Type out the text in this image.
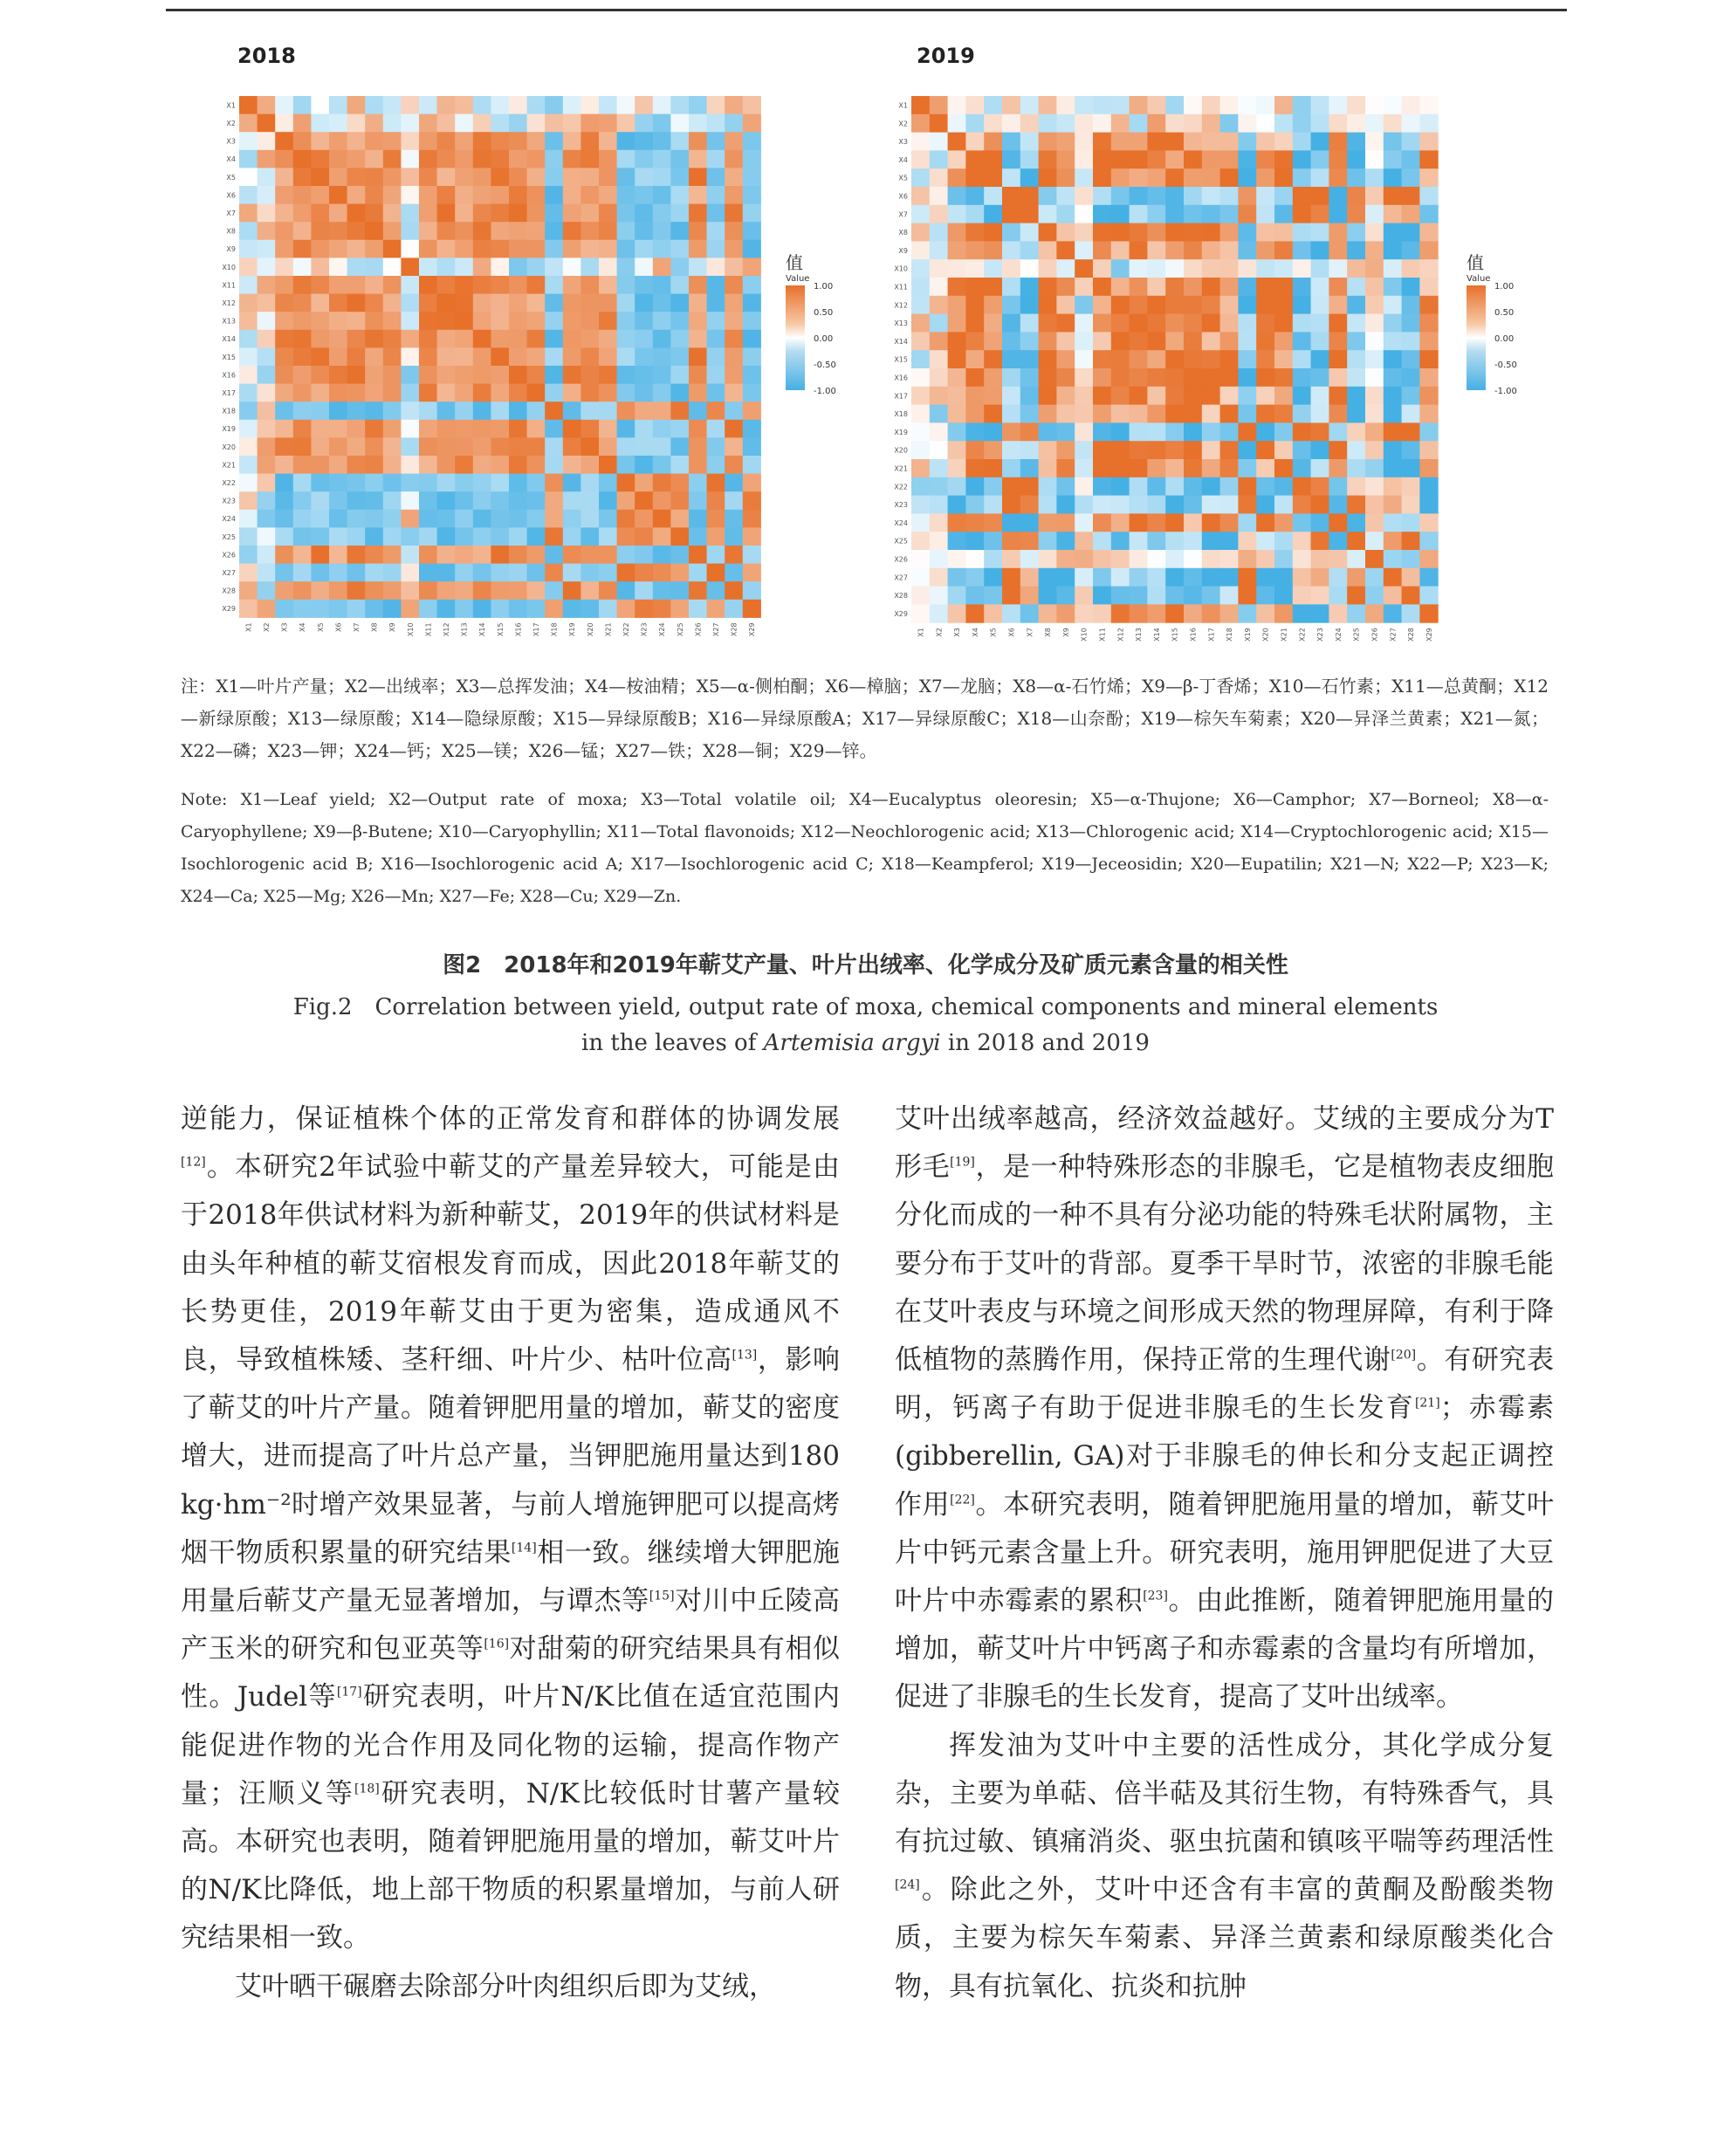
2018
X1
X1
X2
X2
X3
X3
X4
X4
X5
X5
X6
X6
X7
X7
X8
X8
X9
X9
X10
X10
X11
X11
X12
X12
X13
X13
X14
X14
X15
X15
X16
X16
X17
X17
X18
X18
X19
X19
X20
X20
X21
X21
X22
X22
X23
X23
X24
X24
X25
X25
X26
X26
X27
X27
X28
X28
X29
X29
值
Value
1.00
0.50
0.00
-0.50
-1.00
2019
X1
X1
X2
X2
X3
X3
X4
X4
X5
X5
X6
X6
X7
X7
X8
X8
X9
X9
X10
X10
X11
X11
X12
X12
X13
X13
X14
X14
X15
X15
X16
X16
X17
X17
X18
X18
X19
X19
X20
X20
X21
X21
X22
X22
X23
X23
X24
X24
X25
X25
X26
X26
X27
X27
X28
X28
X29
X29
值
Value
1.00
0.50
0.00
-0.50
-1.00
注：X1—叶片产量；X2—出绒率；X3—总挥发油；X4—桉油精；X5—α-侧柏酮；X6—樟脑；X7—龙脑；X8—α-石竹烯；X9—β-丁香烯；X10—石竹素；X11—总黄酮；X12—新绿原酸；X13—绿原酸；X14—隐绿原酸；X15—异绿原酸B；X16—异绿原酸A；X17—异绿原酸C；X18—山奈酚；X19—棕矢车菊素；X20—异泽兰黄素；X21—氮；X22—磷；X23—钾；X24—钙；X25—镁；X26—锰；X27—铁；X28—铜；X29—锌。
Note: X1—Leaf yield; X2—Output rate of moxa; X3—Total volatile oil; X4—Eucalyptus oleoresin; X5—α-Thujone; X6—Camphor; X7—Borneol; X8—α-Caryophyllene; X9—β-Butene; X10—Caryophyllin; X11—Total flavonoids; X12—Neochlorogenic acid; X13—Chlorogenic acid; X14—Cryptochlorogenic acid; X15—Isochlorogenic acid B; X16—Isochlorogenic acid A; X17—Isochlorogenic acid C; X18—Keampferol; X19—Jeceosidin; X20—Eupatilin; X21—N; X22—P; X23—K; X24—Ca; X25—Mg; X26—Mn; X27—Fe; X28—Cu; X29—Zn.
图2　2018年和2019年蕲艾产量、叶片出绒率、化学成分及矿质元素含量的相关性
Fig.2　Correlation between yield, output rate of moxa, chemical components and mineral elements
in the leaves of Artemisia argyi in 2018 and 2019

逆能力，保证植株个体的正常发育和群体的协调发展[12]。本研究2年试验中蕲艾的产量差异较大，可能是由于2018年供试材料为新种蕲艾，2019年的供试材料是由头年种植的蕲艾宿根发育而成，因此2018年蕲艾的长势更佳，2019年蕲艾由于更为密集，造成通风不良，导致植株矮、茎秆细、叶片少、枯叶位高[13]，影响了蕲艾的叶片产量。随着钾肥用量的增加，蕲艾的密度增大，进而提高了叶片总产量，当钾肥施用量达到180 kg·hm⁻²时增产效果显著，与前人增施钾肥可以提高烤烟干物质积累量的研究结果[14]相一致。继续增大钾肥施用量后蕲艾产量无显著增加，与谭杰等[15]对川中丘陵高产玉米的研究和包亚英等[16]对甜菊的研究结果具有相似性。Judel等[17]研究表明，叶片N/K比值在适宜范围内能促进作物的光合作用及同化物的运输，提高作物产量；汪顺义等[18]研究表明，N/K比较低时甘薯产量较高。本研究也表明，随着钾肥施用量的增加，蕲艾叶片的N/K比降低，地上部干物质的积累量增加，与前人研究结果相一致。

艾叶晒干碾磨去除部分叶肉组织后即为艾绒，

艾叶出绒率越高，经济效益越好。艾绒的主要成分为T形毛[19]，是一种特殊形态的非腺毛，它是植物表皮细胞分化而成的一种不具有分泌功能的特殊毛状附属物，主要分布于艾叶的背部。夏季干旱时节，浓密的非腺毛能在艾叶表皮与环境之间形成天然的物理屏障，有利于降低植物的蒸腾作用，保持正常的生理代谢[20]。有研究表明，钙离子有助于促进非腺毛的生长发育[21]；赤霉素(gibberellin, GA)对于非腺毛的伸长和分支起正调控作用[22]。本研究表明，随着钾肥施用量的增加，蕲艾叶片中钙元素含量上升。研究表明，施用钾肥促进了大豆叶片中赤霉素的累积[23]。由此推断，随着钾肥施用量的增加，蕲艾叶片中钙离子和赤霉素的含量均有所增加，促进了非腺毛的生长发育，提高了艾叶出绒率。

挥发油为艾叶中主要的活性成分，其化学成分复杂，主要为单萜、倍半萜及其衍生物，有特殊香气，具有抗过敏、镇痛消炎、驱虫抗菌和镇咳平喘等药理活性[24]。除此之外，艾叶中还含有丰富的黄酮及酚酸类物质，主要为棕矢车菊素、异泽兰黄素和绿原酸类化合物，具有抗氧化、抗炎和抗肿
